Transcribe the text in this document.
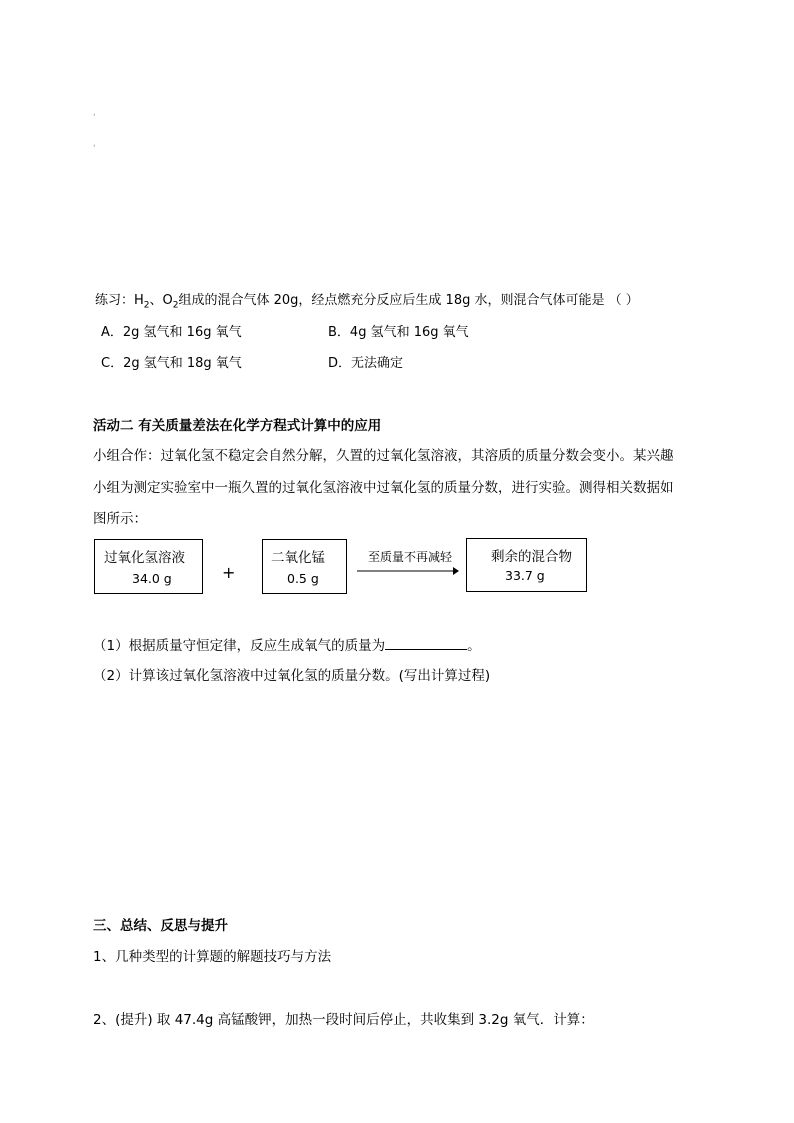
'
'
练习：$H_2$、$O_2$组成的混合气体 20g，经点燃充分反应后生成 18g 水，则混合气体可能是 （ ）
A．2g 氢气和 16g 氧气	B．4g 氢气和 16g 氧气
C．2g 氢气和 18g 氧气	D．无法确定
活动二 有关质量差法在化学方程式计算中的应用
小组合作：过氧化氢不稳定会自然分解，久置的过氧化氢溶液，其溶质的质量分数会变小。某兴趣
小组为测定实验室中一瓶久置的过氧化氢溶液中过氧化氢的质量分数，进行实验。测得相关数据如
图所示：
过氧化氢溶液
34.0 g	+
二氧化锰
0.5 g
至质量不再减轻	剩余的混合物
33.7 g
（1）根据质量守恒定律，反应生成氧气的质量为	。
（2）计算该过氧化氢溶液中过氧化氢的质量分数。(写出计算过程)
三、总结、反思与提升
1、几种类型的计算题的解题技巧与方法
2、(提升) 取 47.4g 高锰酸钾，加热一段时间后停止，共收集到 3.2g 氧气．计算：
